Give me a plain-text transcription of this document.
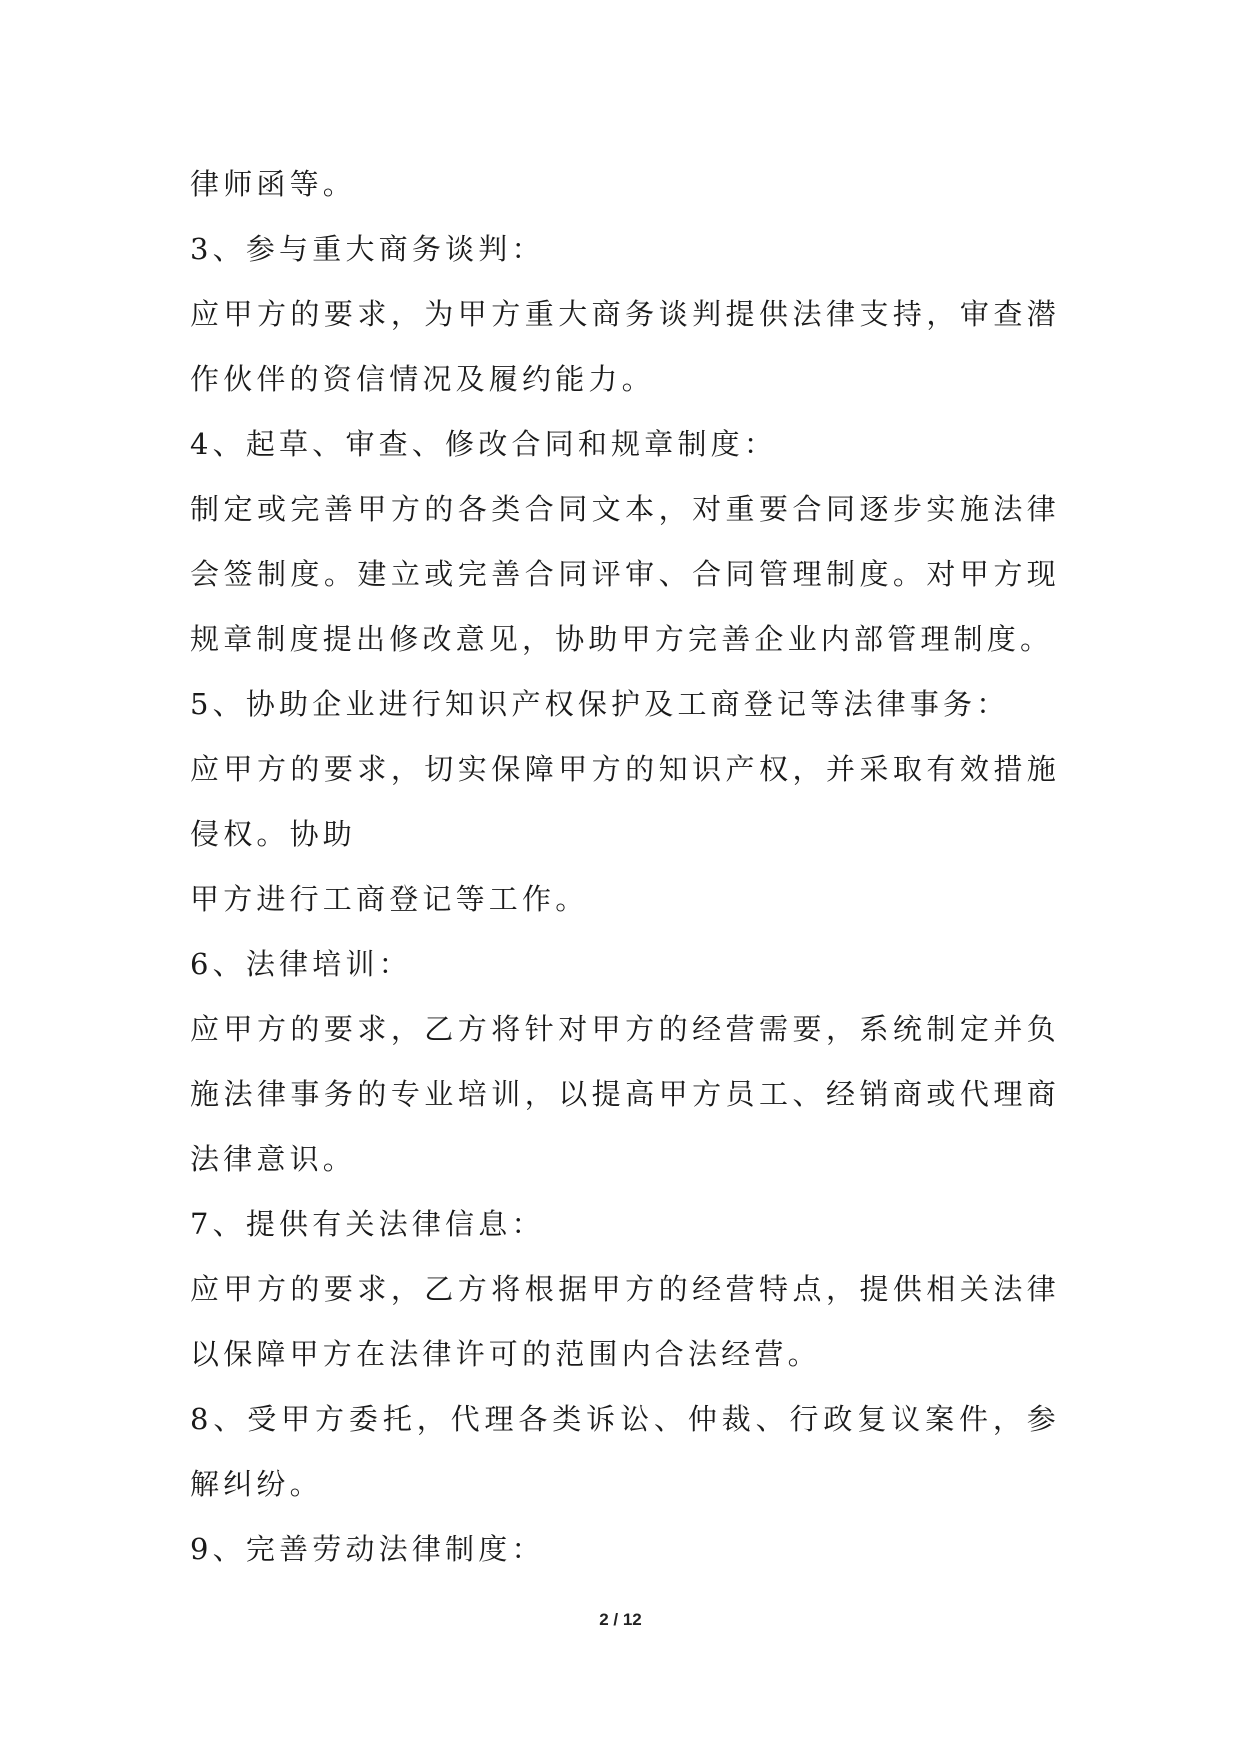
律师函等。
3、参与重大商务谈判：
应甲方的要求，为甲方重大商务谈判提供法律支持，审查潜
作伙伴的资信情况及履约能力。
4、起草、审查、修改合同和规章制度：
制定或完善甲方的各类合同文本，对重要合同逐步实施法律
会签制度。建立或完善合同评审、合同管理制度。对甲方现
规章制度提出修改意见，协助甲方完善企业内部管理制度。
5、协助企业进行知识产权保护及工商登记等法律事务：
应甲方的要求，切实保障甲方的知识产权，并采取有效措施
侵权。协助
甲方进行工商登记等工作。
6、法律培训：
应甲方的要求，乙方将针对甲方的经营需要，系统制定并负
施法律事务的专业培训，以提高甲方员工、经销商或代理商
法律意识。
7、提供有关法律信息：
应甲方的要求，乙方将根据甲方的经营特点，提供相关法律
以保障甲方在法律许可的范围内合法经营。
8、受甲方委托，代理各类诉讼、仲裁、行政复议案件，参
解纠纷。
9、完善劳动法律制度：
2 / 12
